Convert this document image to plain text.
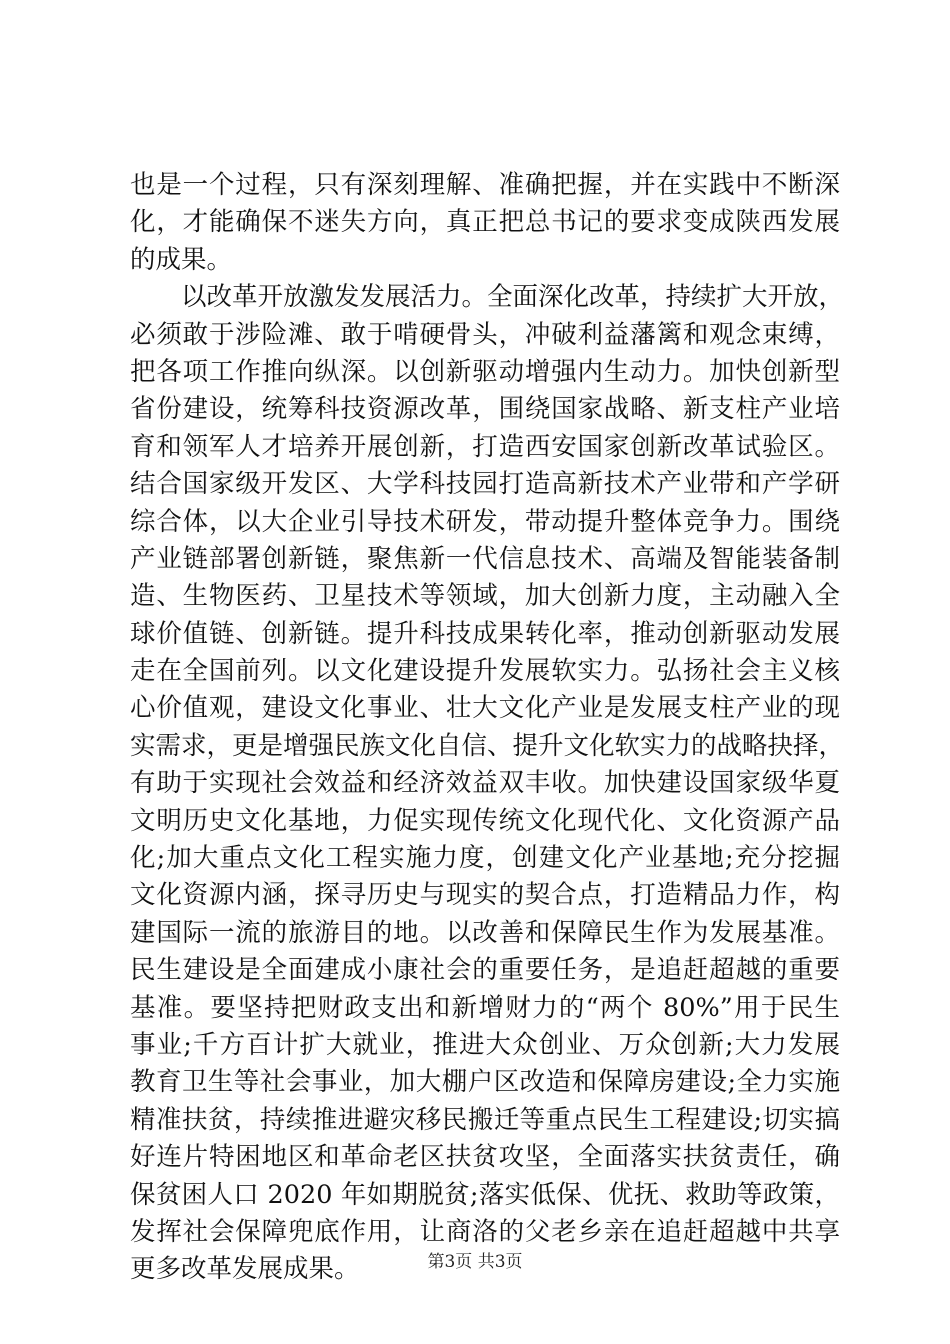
也是一个过程，只有深刻理解、准确把握，并在实践中不断深
化，才能确保不迷失方向，真正把总书记的要求变成陕西发展
的成果。
　　以改革开放激发发展活力。全面深化改革，持续扩大开放，
必须敢于涉险滩、敢于啃硬骨头，冲破利益藩篱和观念束缚，
把各项工作推向纵深。以创新驱动增强内生动力。加快创新型
省份建设，统筹科技资源改革，围绕国家战略、新支柱产业培
育和领军人才培养开展创新，打造西安国家创新改革试验区。
结合国家级开发区、大学科技园打造高新技术产业带和产学研
综合体，以大企业引导技术研发，带动提升整体竞争力。围绕
产业链部署创新链，聚焦新一代信息技术、高端及智能装备制
造、生物医药、卫星技术等领域，加大创新力度，主动融入全
球价值链、创新链。提升科技成果转化率，推动创新驱动发展
走在全国前列。以文化建设提升发展软实力。弘扬社会主义核
心价值观，建设文化事业、壮大文化产业是发展支柱产业的现
实需求，更是增强民族文化自信、提升文化软实力的战略抉择，
有助于实现社会效益和经济效益双丰收。加快建设国家级华夏
文明历史文化基地，力促实现传统文化现代化、文化资源产品
化;加大重点文化工程实施力度，创建文化产业基地;充分挖掘
文化资源内涵，探寻历史与现实的契合点，打造精品力作，构
建国际一流的旅游目的地。以改善和保障民生作为发展基准。
民生建设是全面建成小康社会的重要任务，是追赶超越的重要
基准。要坚持把财政支出和新增财力的“两个 80%”用于民生
事业;千方百计扩大就业，推进大众创业、万众创新;大力发展
教育卫生等社会事业，加大棚户区改造和保障房建设;全力实施
精准扶贫，持续推进避灾移民搬迁等重点民生工程建设;切实搞
好连片特困地区和革命老区扶贫攻坚，全面落实扶贫责任，确
保贫困人口 2020 年如期脱贫;落实低保、优抚、救助等政策，
发挥社会保障兜底作用，让商洛的父老乡亲在追赶超越中共享
更多改革发展成果。	第3页 共3页
